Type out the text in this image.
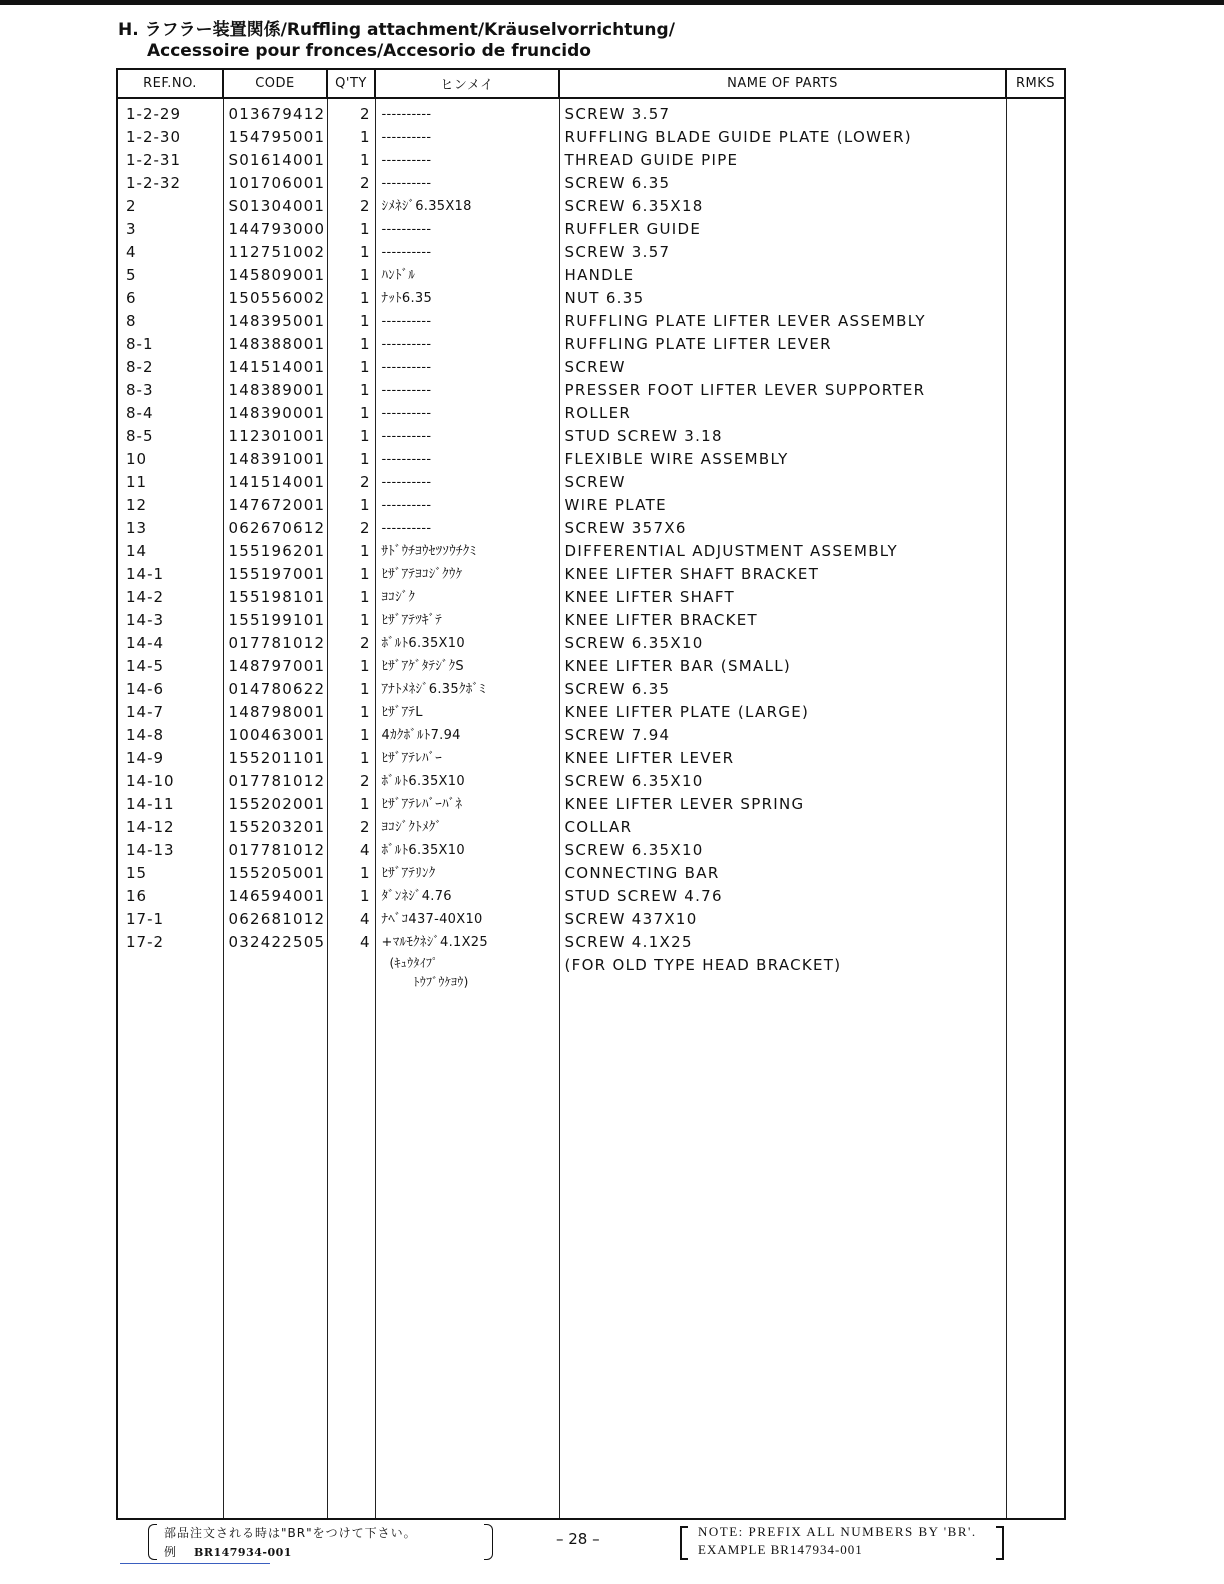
H. ラフラー装置関係/Ruffling attachment/Kräuselvorrichtung/
Accessoire pour fronces/Accesorio de fruncido
REF.NO.	CODE	Q'TY	ヒンメイ	NAME OF PARTS	RMKS
1-2-29	013679412	2	----------	SCREW 3.57	
1-2-30	154795001	1	----------	RUFFLING BLADE GUIDE PLATE (LOWER)	
1-2-31	S01614001	1	----------	THREAD GUIDE PIPE	
1-2-32	101706001	2	----------	SCREW 6.35	
2	S01304001	2	ｼﾒﾈｼﾞ6.35X18	SCREW 6.35X18	
3	144793000	1	----------	RUFFLER GUIDE	
4	112751002	1	----------	SCREW 3.57	
5	145809001	1	ﾊﾝﾄﾞﾙ	HANDLE	
6	150556002	1	ﾅｯﾄ6.35	NUT 6.35	
8	148395001	1	----------	RUFFLING PLATE LIFTER LEVER ASSEMBLY	
8-1	148388001	1	----------	RUFFLING PLATE LIFTER LEVER	
8-2	141514001	1	----------	SCREW	
8-3	148389001	1	----------	PRESSER FOOT LIFTER LEVER SUPPORTER	
8-4	148390001	1	----------	ROLLER	
8-5	112301001	1	----------	STUD SCREW 3.18	
10	148391001	1	----------	FLEXIBLE WIRE ASSEMBLY	
11	141514001	2	----------	SCREW	
12	147672001	1	----------	WIRE PLATE	
13	062670612	2	----------	SCREW 357X6	
14	155196201	1	ｻﾄﾞｳﾁﾖｳｾﾂｿｳﾁｸﾐ	DIFFERENTIAL ADJUSTMENT ASSEMBLY	
14-1	155197001	1	ﾋｻﾞｱﾃﾖｺｼﾞｸｳｹ	KNEE LIFTER SHAFT BRACKET	
14-2	155198101	1	ﾖｺｼﾞｸ	KNEE LIFTER SHAFT	
14-3	155199101	1	ﾋｻﾞｱﾃﾂｷﾞﾃ	KNEE LIFTER BRACKET	
14-4	017781012	2	ﾎﾞﾙﾄ6.35X10	SCREW 6.35X10	
14-5	148797001	1	ﾋｻﾞｱｹﾞﾀﾃｼﾞｸS	KNEE LIFTER BAR (SMALL)	
14-6	014780622	1	ｱﾅﾄﾒﾈｼﾞ6.35ｸﾎﾞﾐ	SCREW 6.35	
14-7	148798001	1	ﾋｻﾞｱﾃL	KNEE LIFTER PLATE (LARGE)	
14-8	100463001	1	4ｶｸﾎﾞﾙﾄ7.94	SCREW 7.94	
14-9	155201101	1	ﾋｻﾞｱﾃﾚﾊﾞｰ	KNEE LIFTER LEVER	
14-10	017781012	2	ﾎﾞﾙﾄ6.35X10	SCREW 6.35X10	
14-11	155202001	1	ﾋｻﾞｱﾃﾚﾊﾞｰﾊﾞﾈ	KNEE LIFTER LEVER SPRING	
14-12	155203201	2	ﾖｺｼﾞｸﾄﾒｸﾞ	COLLAR	
14-13	017781012	4	ﾎﾞﾙﾄ6.35X10	SCREW 6.35X10	
15	155205001	1	ﾋｻﾞｱﾃﾘﾝｸ	CONNECTING BAR	
16	146594001	1	ﾀﾞﾝﾈｼﾞ4.76	STUD SCREW 4.76	
17-1	062681012	4	ﾅﾍﾞｺ437-40X10	SCREW 437X10	
17-2	032422505	4	+ﾏﾙﾓｸﾈｼﾞ4.1X25	SCREW 4.1X25	

			(ｷｭｳﾀｲﾌﾟ
ﾄｳﾌﾞｳｹﾖｳ)	(FOR OLD TYPE HEAD BRACKET)	

部品注文される時は"BR"をつけて下さい。
例 BR147934-001
– 28 –	NOTE: PREFIX ALL NUMBERS BY 'BR'.
EXAMPLE BR147934-001
